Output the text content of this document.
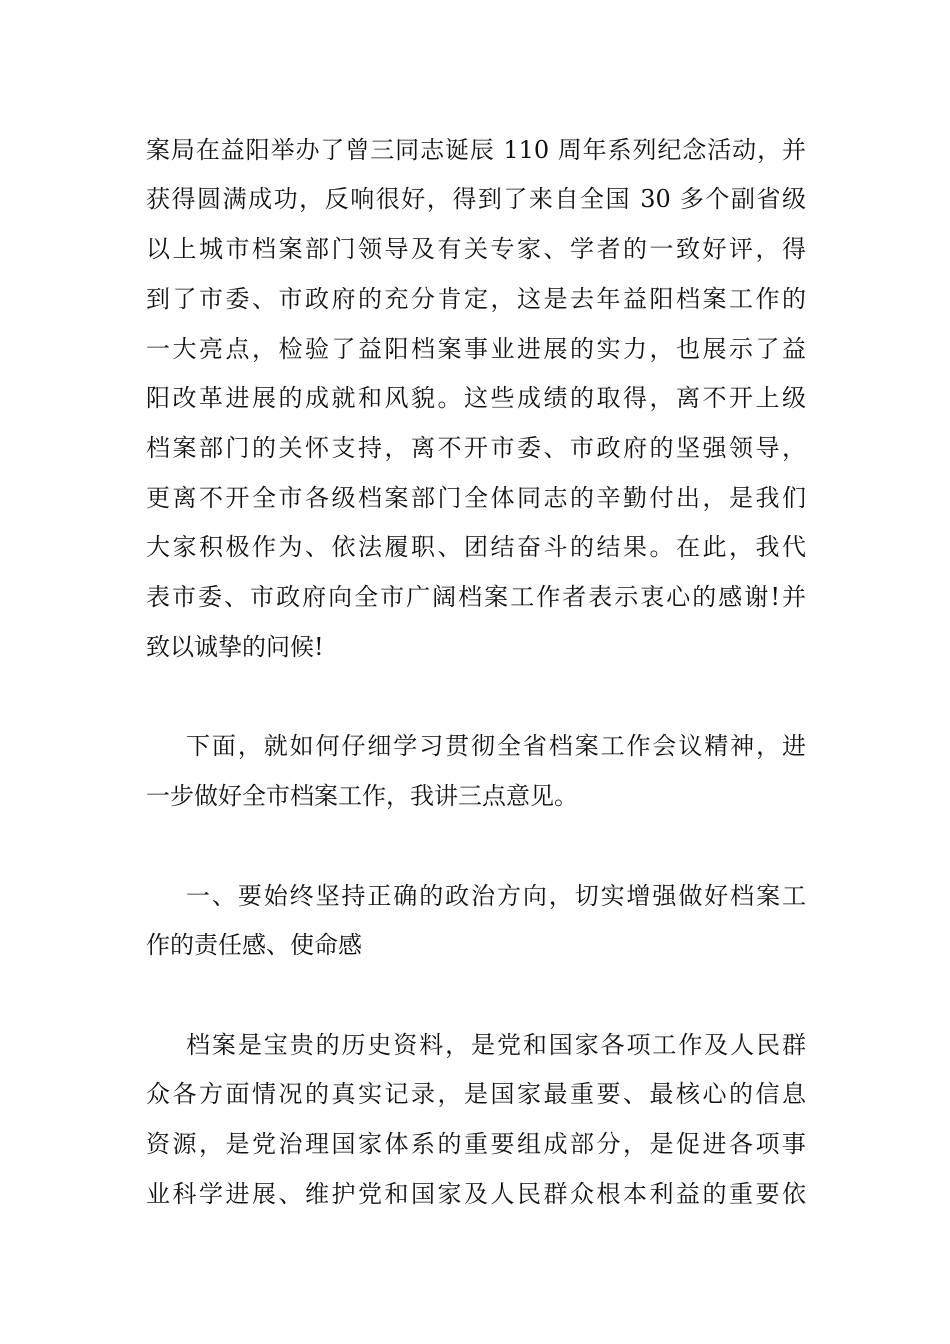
案局在益阳举办了曾三同志诞辰 110 周年系列纪念活动，并
获得圆满成功，反响很好，得到了来自全国 30 多个副省级
以上城市档案部门领导及有关专家、学者的一致好评，得
到了市委、市政府的充分肯定，这是去年益阳档案工作的
一大亮点，检验了益阳档案事业进展的实力，也展示了益
阳改革进展的成就和风貌。这些成绩的取得，离不开上级
档案部门的关怀支持，离不开市委、市政府的坚强领导，
更离不开全市各级档案部门全体同志的辛勤付出，是我们
大家积极作为、依法履职、团结奋斗的结果。在此，我代
表市委、市政府向全市广阔档案工作者表示衷心的感谢!并
致以诚挚的问候!
下面，就如何仔细学习贯彻全省档案工作会议精神，进
一步做好全市档案工作，我讲三点意见。
一、要始终坚持正确的政治方向，切实增强做好档案工
作的责任感、使命感
档案是宝贵的历史资料，是党和国家各项工作及人民群
众各方面情况的真实记录，是国家最重要、最核心的信息
资源，是党治理国家体系的重要组成部分，是促进各项事
业科学进展、维护党和国家及人民群众根本利益的重要依
